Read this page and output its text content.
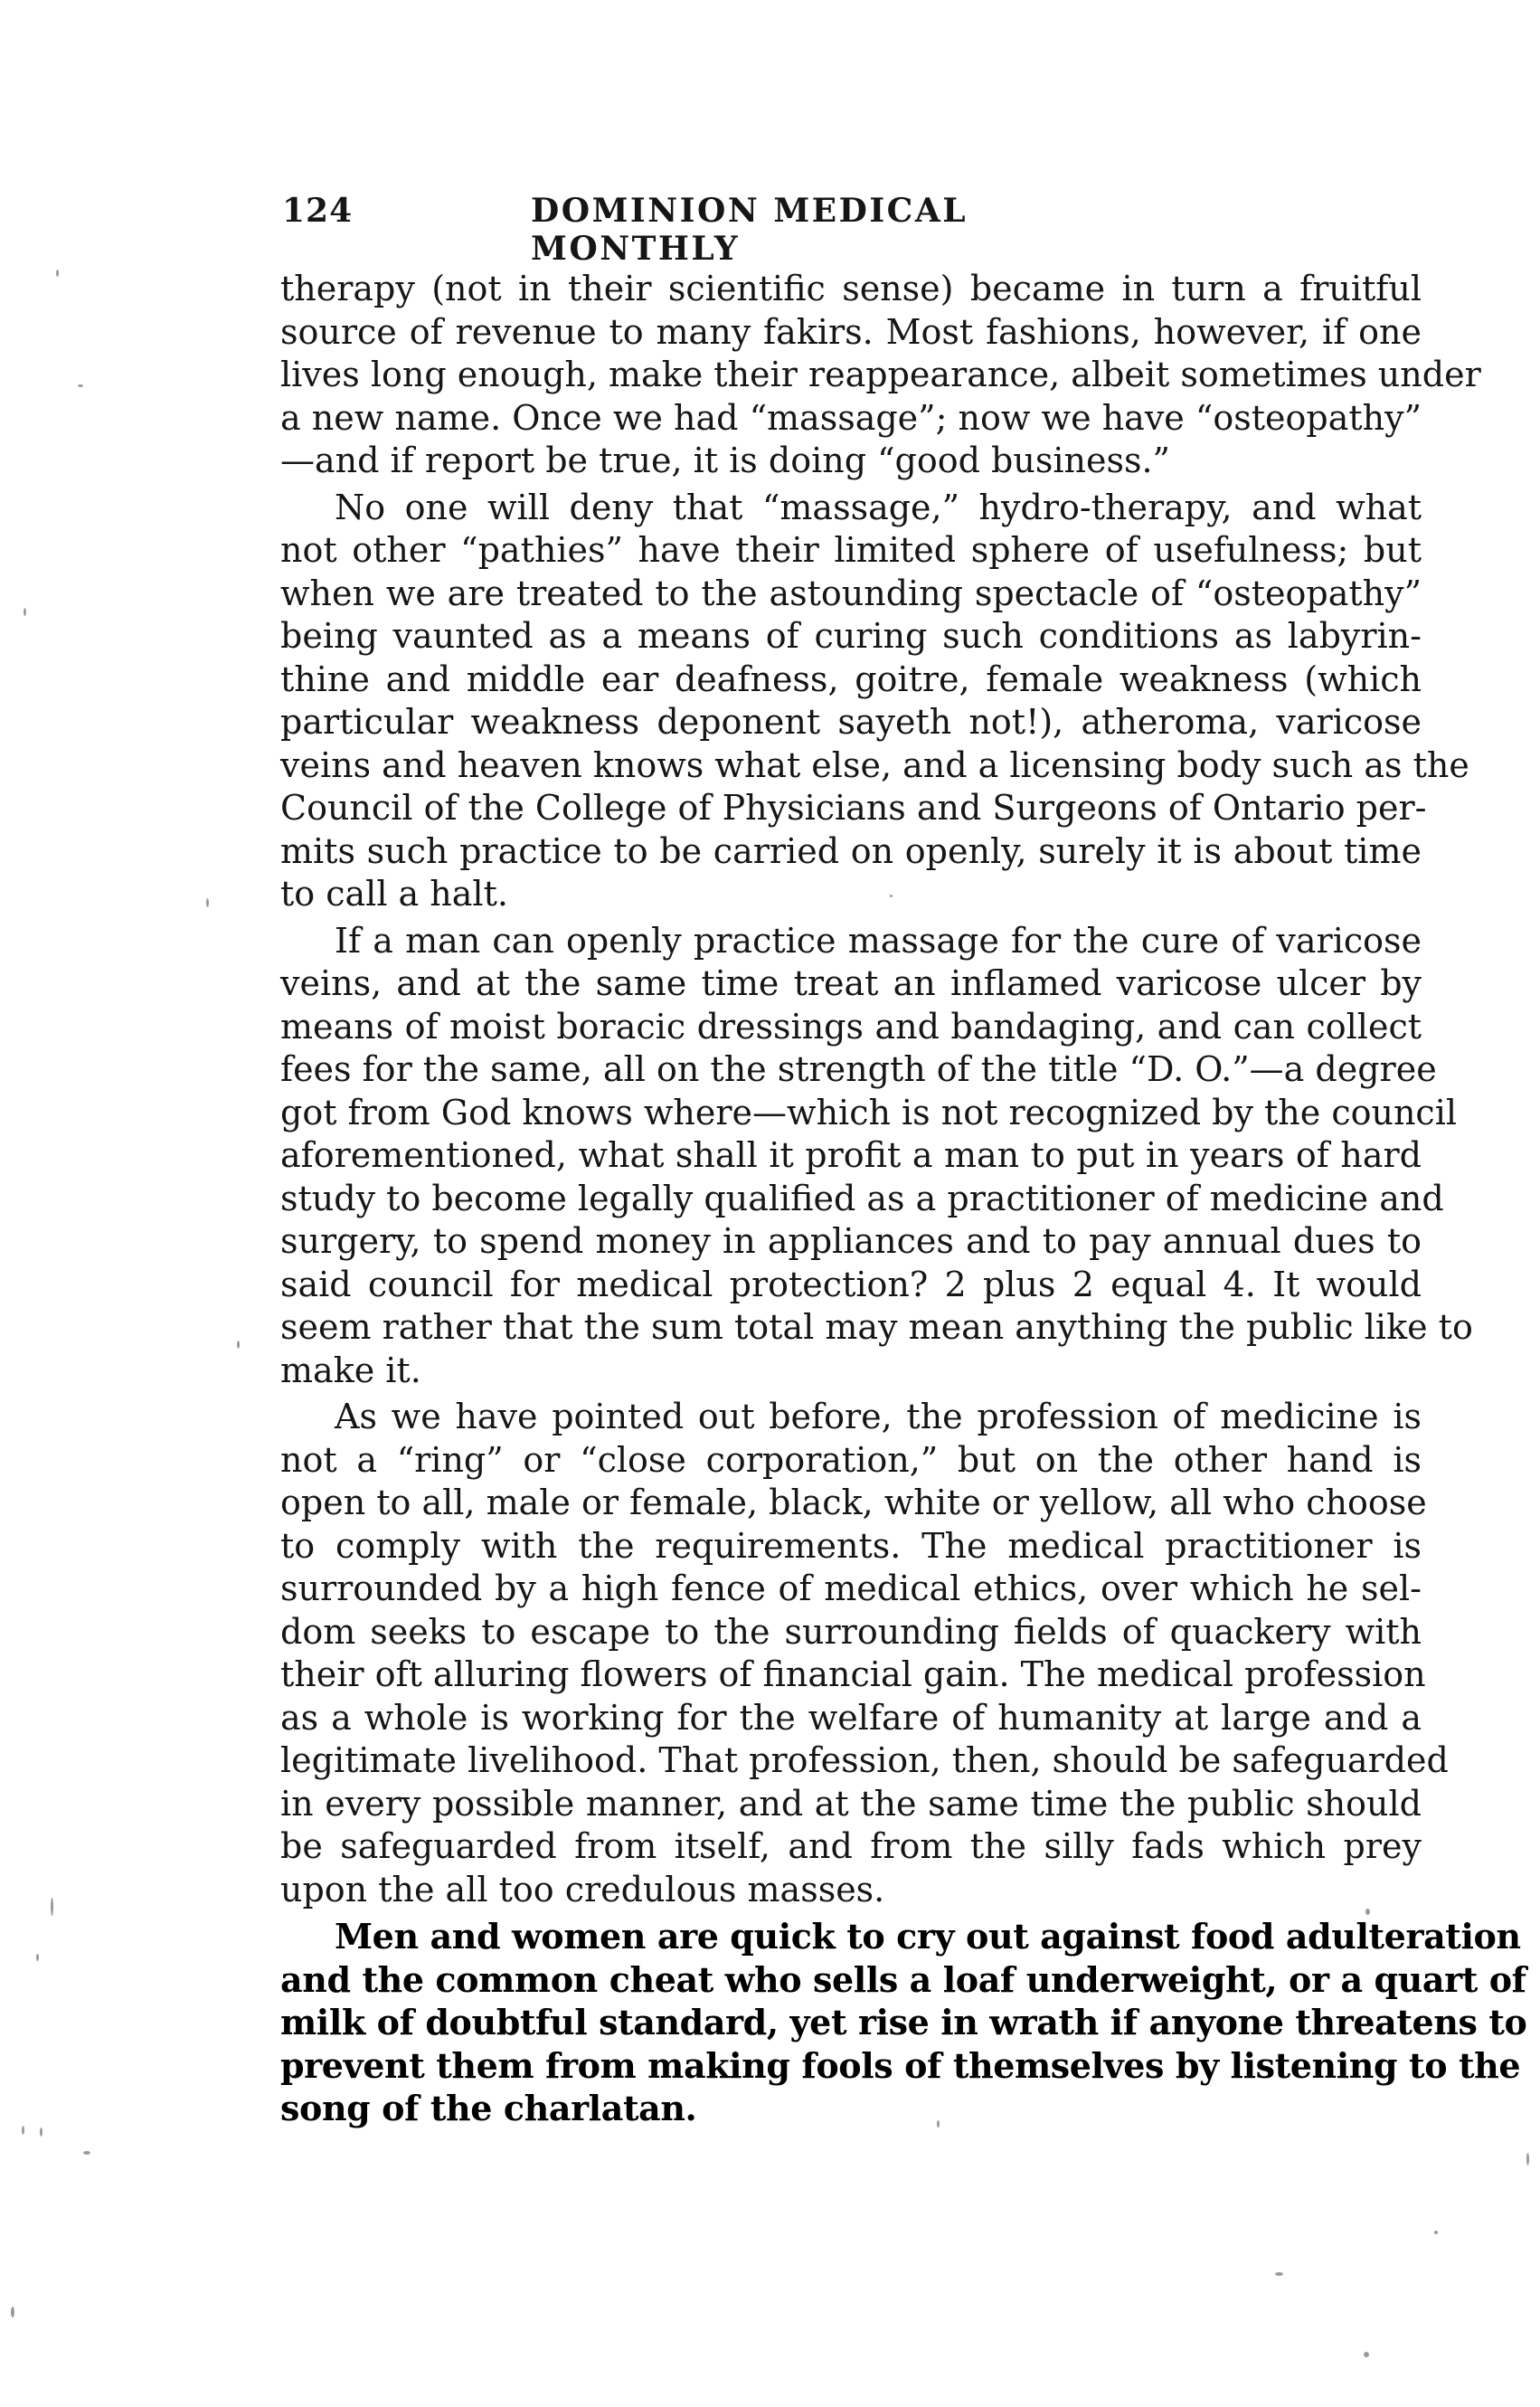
124	DOMINION MEDICAL MONTHLY
therapy (not in their scientific sense) became in turn a fruitful
source of revenue to many fakirs. Most fashions, however, if one
lives long enough, make their reappearance, albeit sometimes under
a new name. Once we had “massage”; now we have “osteopathy”
—and if report be true, it is doing “good business.”
No one will deny that “massage,” hydro-therapy, and what
not other “pathies” have their limited sphere of usefulness; but
when we are treated to the astounding spectacle of “osteopathy”
being vaunted as a means of curing such conditions as labyrin-
thine and middle ear deafness, goitre, female weakness (which
particular weakness deponent sayeth not!), atheroma, varicose
veins and heaven knows what else, and a licensing body such as the
Council of the College of Physicians and Surgeons of Ontario per-
mits such practice to be carried on openly, surely it is about time
to call a halt.
If a man can openly practice massage for the cure of varicose
veins, and at the same time treat an inflamed varicose ulcer by
means of moist boracic dressings and bandaging, and can collect
fees for the same, all on the strength of the title “D. O.”—a degree
got from God knows where—which is not recognized by the council
aforementioned, what shall it profit a man to put in years of hard
study to become legally qualified as a practitioner of medicine and
surgery, to spend money in appliances and to pay annual dues to
said council for medical protection? 2 plus 2 equal 4. It would
seem rather that the sum total may mean anything the public like to
make it.
As we have pointed out before, the profession of medicine is
not a “ring” or “close corporation,” but on the other hand is
open to all, male or female, black, white or yellow, all who choose
to comply with the requirements. The medical practitioner is
surrounded by a high fence of medical ethics, over which he sel-
dom seeks to escape to the surrounding fields of quackery with
their oft alluring flowers of financial gain. The medical profession
as a whole is working for the welfare of humanity at large and a
legitimate livelihood. That profession, then, should be safeguarded
in every possible manner, and at the same time the public should
be safeguarded from itself, and from the silly fads which prey
upon the all too credulous masses.
Men and women are quick to cry out against food adulteration
and the common cheat who sells a loaf underweight, or a quart of
milk of doubtful standard, yet rise in wrath if anyone threatens to
prevent them from making fools of themselves by listening to the
song of the charlatan.
